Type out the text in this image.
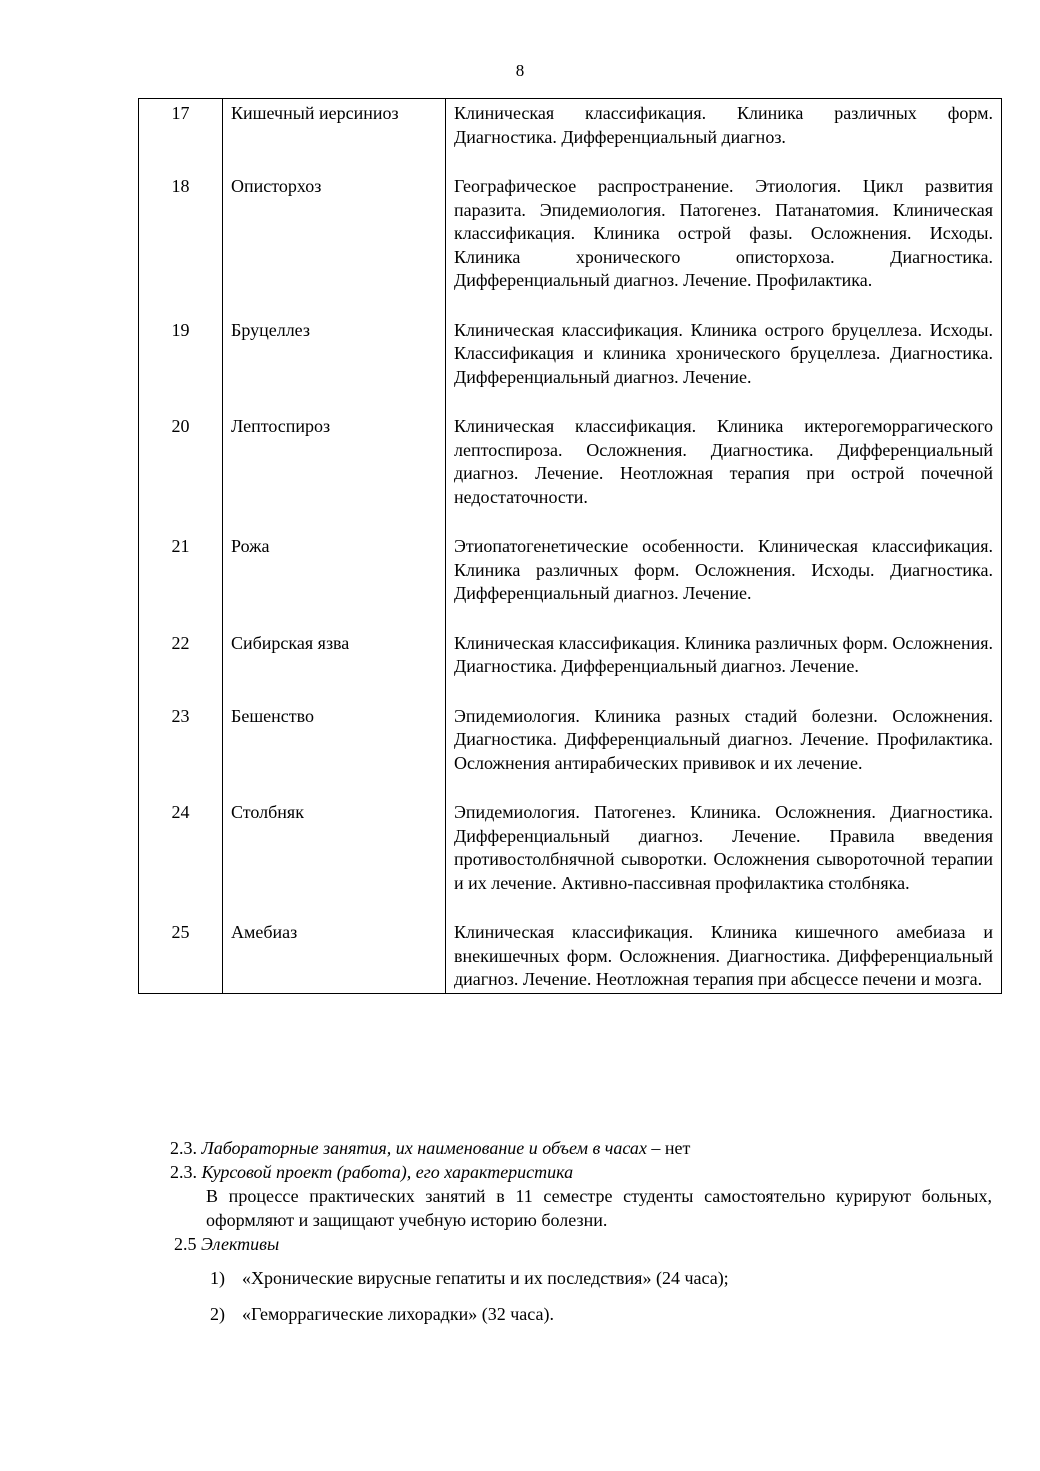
8
17	Кишечный иерсиниоз	Клиническая классификация. Клиника различных форм. Диагностика. Дифференциальный диагноз.
18	Описторхоз	Географическое распространение. Этиология. Цикл развития паразита. Эпидемиология. Патогенез. Патанатомия. Клиническая классификация. Клиника острой фазы. Осложнения. Исходы. Клиника хронического описторхоза. Диагностика. Дифференциальный диагноз. Лечение. Профилактика.
19	Бруцеллез	Клиническая классификация. Клиника острого бруцеллеза. Исходы. Классификация и клиника хронического бруцеллеза. Диагностика. Дифференциальный диагноз. Лечение.
20	Лептоспироз	Клиническая классификация. Клиника иктерогеморрагического лептоспироза. Осложнения. Диагностика. Дифференциальный диагноз. Лечение. Неотложная терапия при острой почечной недостаточности.
21	Рожа	Этиопатогенетические особенности. Клиническая классификация. Клиника различных форм. Осложнения. Исходы. Диагностика. Дифференциальный диагноз. Лечение.
22	Сибирская язва	Клиническая классификация. Клиника различных форм. Осложнения. Диагностика. Дифференциальный диагноз. Лечение.
23	Бешенство	Эпидемиология. Клиника разных стадий болезни. Осложнения. Диагностика. Дифференциальный диагноз. Лечение. Профилактика. Осложнения антирабических прививок и их лечение.
24	Столбняк	Эпидемиология. Патогенез. Клиника. Осложнения. Диагностика. Дифференциальный диагноз. Лечение. Правила введения противостолбнячной сыворотки. Осложнения сывороточной терапии и их лечение. Активно-пассивная профилактика столбняка.
25	Амебиаз	Клиническая классификация. Клиника кишечного амебиаза и внекишечных форм. Осложнения. Диагностика. Дифференциальный диагноз. Лечение. Неотложная терапия при абсцессе печени и мозга.

2.3. Лабораторные занятия, их наименование и объем в часах – нет

2.3. Курсовой проект (работа), его характеристика

В процессе практических занятий в 11 семестре студенты самостоятельно курируют больных, оформляют и защищают учебную историю болезни.

2.5 Элективы

1) «Хронические вирусные гепатиты и их последствия» (24 часа);
2) «Геморрагические лихорадки» (32 часа).
